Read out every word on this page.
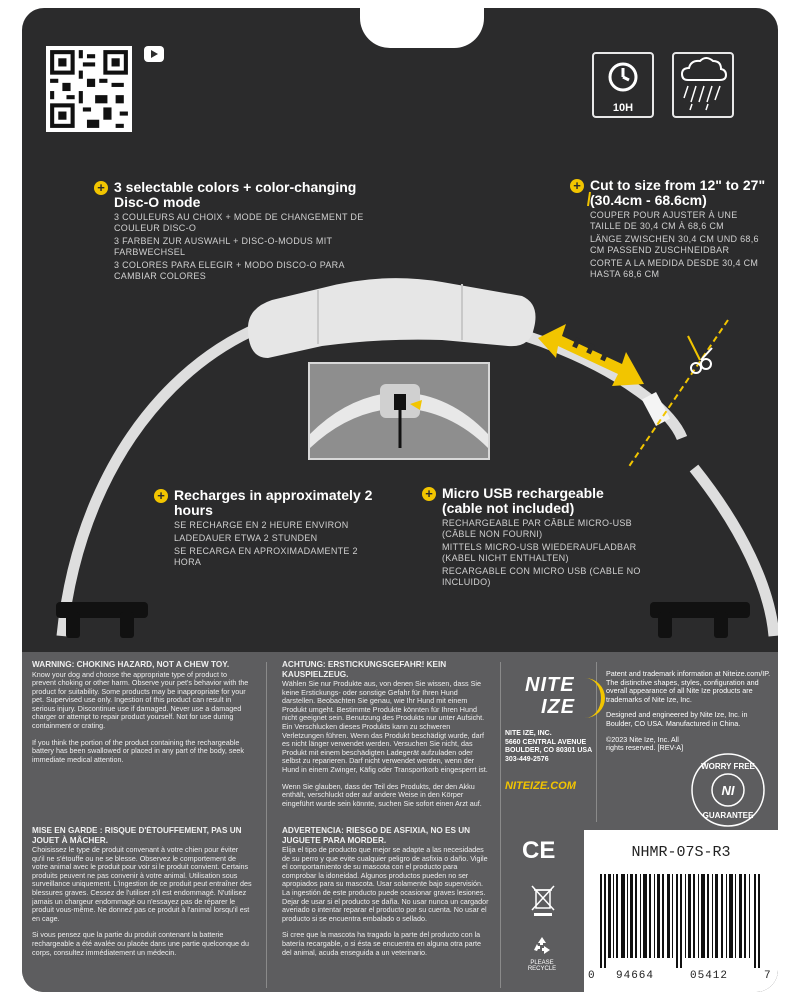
10H
+ 3 selectable colors + color-changing Disc-O mode
3 COULEURS AU CHOIX + MODE DE CHANGEMENT DE COULEUR DISC-O
3 FARBEN ZUR AUSWAHL + DISC-O-MODUS MIT FARBWECHSEL
3 COLORES PARA ELEGIR + MODO DISCO-O PARA CAMBIAR COLORES
+ Cut to size from 12" to 27" (30.4cm - 68.6cm)
COUPER POUR AJUSTER À UNE TAILLE DE 30,4 CM À 68,6 CM
LÄNGE ZWISCHEN 30,4 CM UND 68,6 CM PASSEND ZUSCHNEIDBAR
CORTE A LA MEDIDA DESDE 30,4 CM HASTA 68,6 CM
+ Recharges in approximately 2 hours
SE RECHARGE EN 2 HEURE ENVIRON
LADEDAUER ETWA 2 STUNDEN
SE RECARGA EN APROXIMADAMENTE 2 HORA
+ Micro USB rechargeable (cable not included)
RECHARGEABLE PAR CÂBLE MICRO-USB (CÂBLE NON FOURNI)
MITTELS MICRO-USB WIEDERAUFLADBAR (KABEL NICHT ENTHALTEN)
RECARGABLE CON MICRO USB (CABLE NO INCLUIDO)
WARNING: CHOKING HAZARD, NOT A CHEW TOY.

Know your dog and choose the appropriate type of product to prevent choking or other harm. Observe your pet's behavior with the product for suitability. Some products may be inappropriate for your pet. Supervised use only. Ingestion of this product can result in serious injury. Discontinue use if damaged. Never use a damaged charger or attempt to repair product yourself. Not for use during containment or crating.

If you think the portion of the product containing the rechargeable battery has been swallowed or placed in any part of the body, seek immediate medical attention.

ACHTUNG: ERSTICKUNGSGEFAHR! KEIN KAUSPIELZEUG.

Wählen Sie nur Produkte aus, von denen Sie wissen, dass Sie keine Erstickungs- oder sonstige Gefahr für Ihren Hund darstellen. Beobachten Sie genau, wie Ihr Hund mit einem Produkt umgeht. Bestimmte Produkte könnten für Ihren Hund nicht geeignet sein. Benutzung des Produkts nur unter Aufsicht. Ein Verschlucken dieses Produkts kann zu schweren Verletzungen führen. Wenn das Produkt beschädigt wurde, darf es nicht länger verwendet werden. Versuchen Sie nicht, das Produkt mit einem beschädigten Ladegerät aufzuladen oder selbst zu reparieren. Darf nicht verwendet werden, wenn der Hund in einem Zwinger, Käfig oder Transportkorb eingesperrt ist.

Wenn Sie glauben, dass der Teil des Produkts, der den Akku enthält, verschluckt oder auf andere Weise in den Körper eingeführt wurde sein könnte, suchen Sie sofort einen Arzt auf.

MISE EN GARDE : RISQUE D'ÉTOUFFEMENT, PAS UN JOUET À MÂCHER.

Choisissez le type de produit convenant à votre chien pour éviter qu'il ne s'étouffe ou ne se blesse. Observez le comportement de votre animal avec le produit pour voir si le produit convient. Certains produits peuvent ne pas convenir à votre animal. Utilisation sous surveillance uniquement. L'ingestion de ce produit peut entraîner des blessures graves. Cessez de l'utiliser s'il est endommagé. N'utilisez jamais un chargeur endommagé ou n'essayez pas de réparer le produit vous-même. Ne donnez pas ce produit à l'animal lorsqu'il est en cage.

Si vous pensez que la partie du produit contenant la batterie rechargeable a été avalée ou placée dans une partie quelconque du corps, consultez immédiatement un médecin.

ADVERTENCIA: RIESGO DE ASFIXIA, NO ES UN JUGUETE PARA MORDER.

Elija el tipo de producto que mejor se adapte a las necesidades de su perro y que evite cualquier peligro de asfixia o daño. Vigile el comportamiento de su mascota con el producto para comprobar la idoneidad. Algunos productos pueden no ser apropiados para su mascota. Usar solamente bajo supervisión. La ingestión de este producto puede ocasionar graves lesiones. Dejar de usar si el producto se daña. No usar nunca un cargador averiado o intentar reparar el producto por su cuenta. No usar el producto si se encuentra embalado o sellado.

Si cree que la mascota ha tragado la parte del producto con la batería recargable, o si ésta se encuentra en alguna otra parte del animal, acuda enseguida a un veterinario.

NITE
IZE
NITE IZE, INC.
5660 CENTRAL AVENUE
BOULDER, CO 80301 USA
303-449-2576
NITEIZE.COM

Patent and trademark information at Niteize.com/IP. The distinctive shapes, styles, configuration and overall appearance of all Nite Ize products are trademarks of Nite Ize, Inc.

Designed and engineered by Nite Ize, Inc. in Boulder, CO USA. Manufactured in China.

©2023 Nite Ize, Inc. All rights reserved. [REV-A]

NI
WORRY FREE
GUARANTEE
CE
PLEASE RECYCLE
NHMR-07S-R3
0 94664	05412	7
